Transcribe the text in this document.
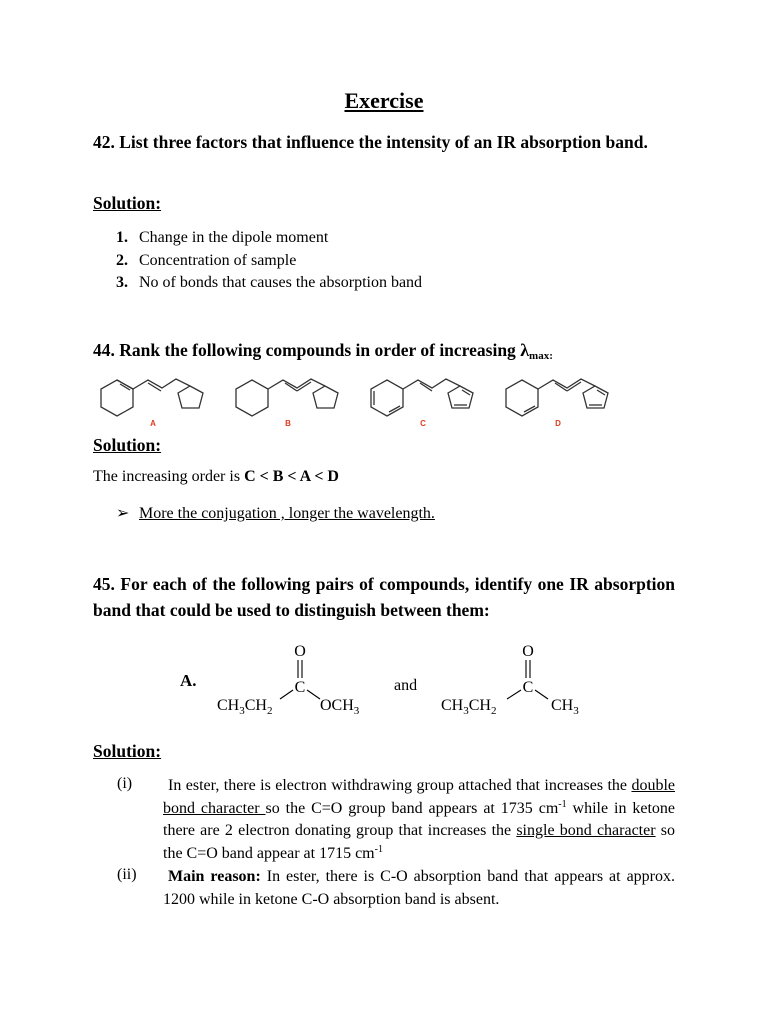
Exercise
42. List three factors that influence the intensity of an IR absorption band.
Solution:
1. Change in the dipole moment
2. Concentration of sample
3. No of bonds that causes the absorption band
44. Rank the following compounds in order of increasing $\lambda_{max:}$
A	B	C	D
Solution:
The increasing order is C < B < A < D
➢ More the conjugation , longer the wavelength.
45. For each of the following pairs of compounds, identify one IR absorption band that could be used to distinguish between them:
A.
O
C
$CH_3CH_2$	$OCH_3$
and
O
C
$CH_3CH_2$	$CH_3$
Solution:
(i)	In ester, there is electron withdrawing group attached that increases the double bond character so the C=O group band appears at 1735 $cm^{-1}$ while in ketone there are 2 electron donating group that increases the single bond character so the C=O band appear at 1715 $cm^{-1}$
(ii)	Main reason: In ester, there is C-O absorption band that appears at approx. 1200 while in ketone C-O absorption band is absent.
